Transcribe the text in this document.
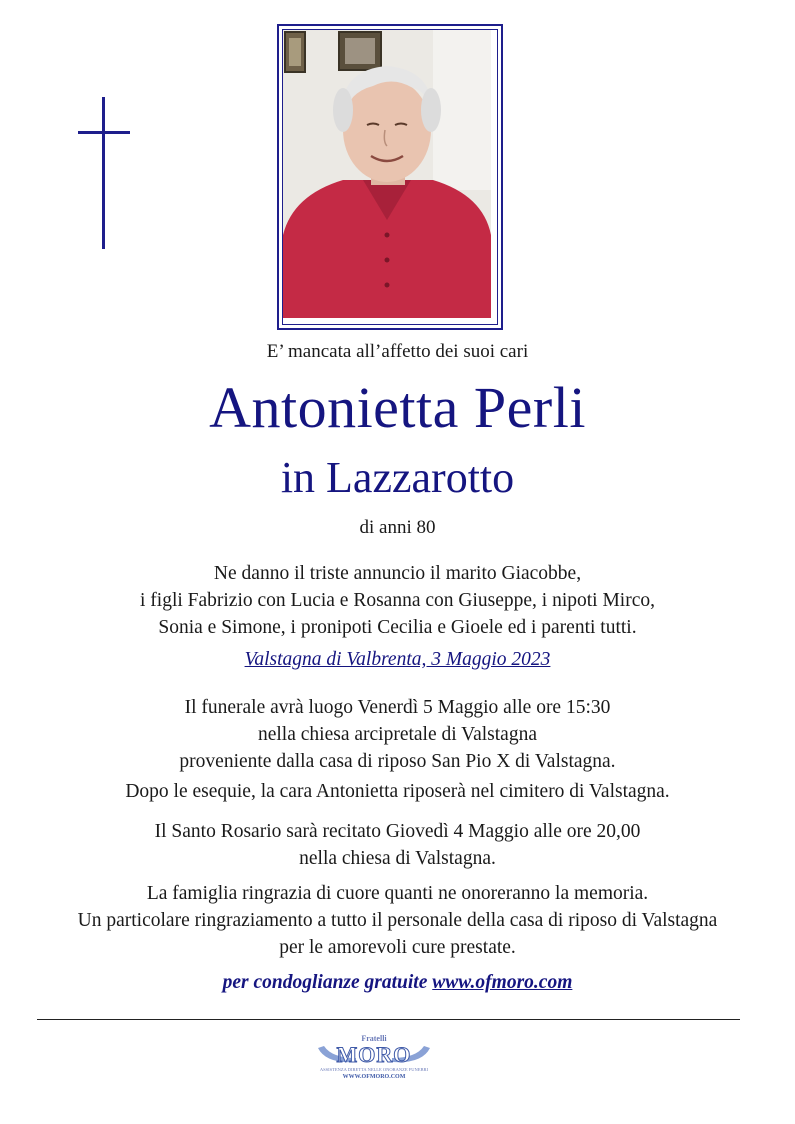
E’ mancata all’affetto dei suoi cari
Antonietta Perli
in Lazzarotto
di anni 80
Ne danno il triste annuncio il marito Giacobbe,
i figli Fabrizio con Lucia e Rosanna con Giuseppe, i nipoti Mirco,
Sonia e Simone, i pronipoti Cecilia e Gioele ed i parenti tutti.
Valstagna di Valbrenta, 3 Maggio 2023
Il funerale avrà luogo Venerdì 5 Maggio alle ore 15:30
nella chiesa arcipretale di Valstagna
proveniente dalla casa di riposo San Pio X di Valstagna.
Dopo le esequie, la cara Antonietta riposerà nel cimitero di Valstagna.
Il Santo Rosario sarà recitato Giovedì 4 Maggio alle ore 20,00
nella chiesa di Valstagna.
La famiglia ringrazia di cuore quanti ne onoreranno la memoria.
Un particolare ringraziamento a tutto il personale della casa di riposo di Valstagna
per le amorevoli cure prestate.
per condoglianze gratuite www.ofmoro.com
Fratelli
MORO
ASSISTENZA DIRETTA NELLE ONORANZE FUNEBRI
WWW.OFMORO.COM
